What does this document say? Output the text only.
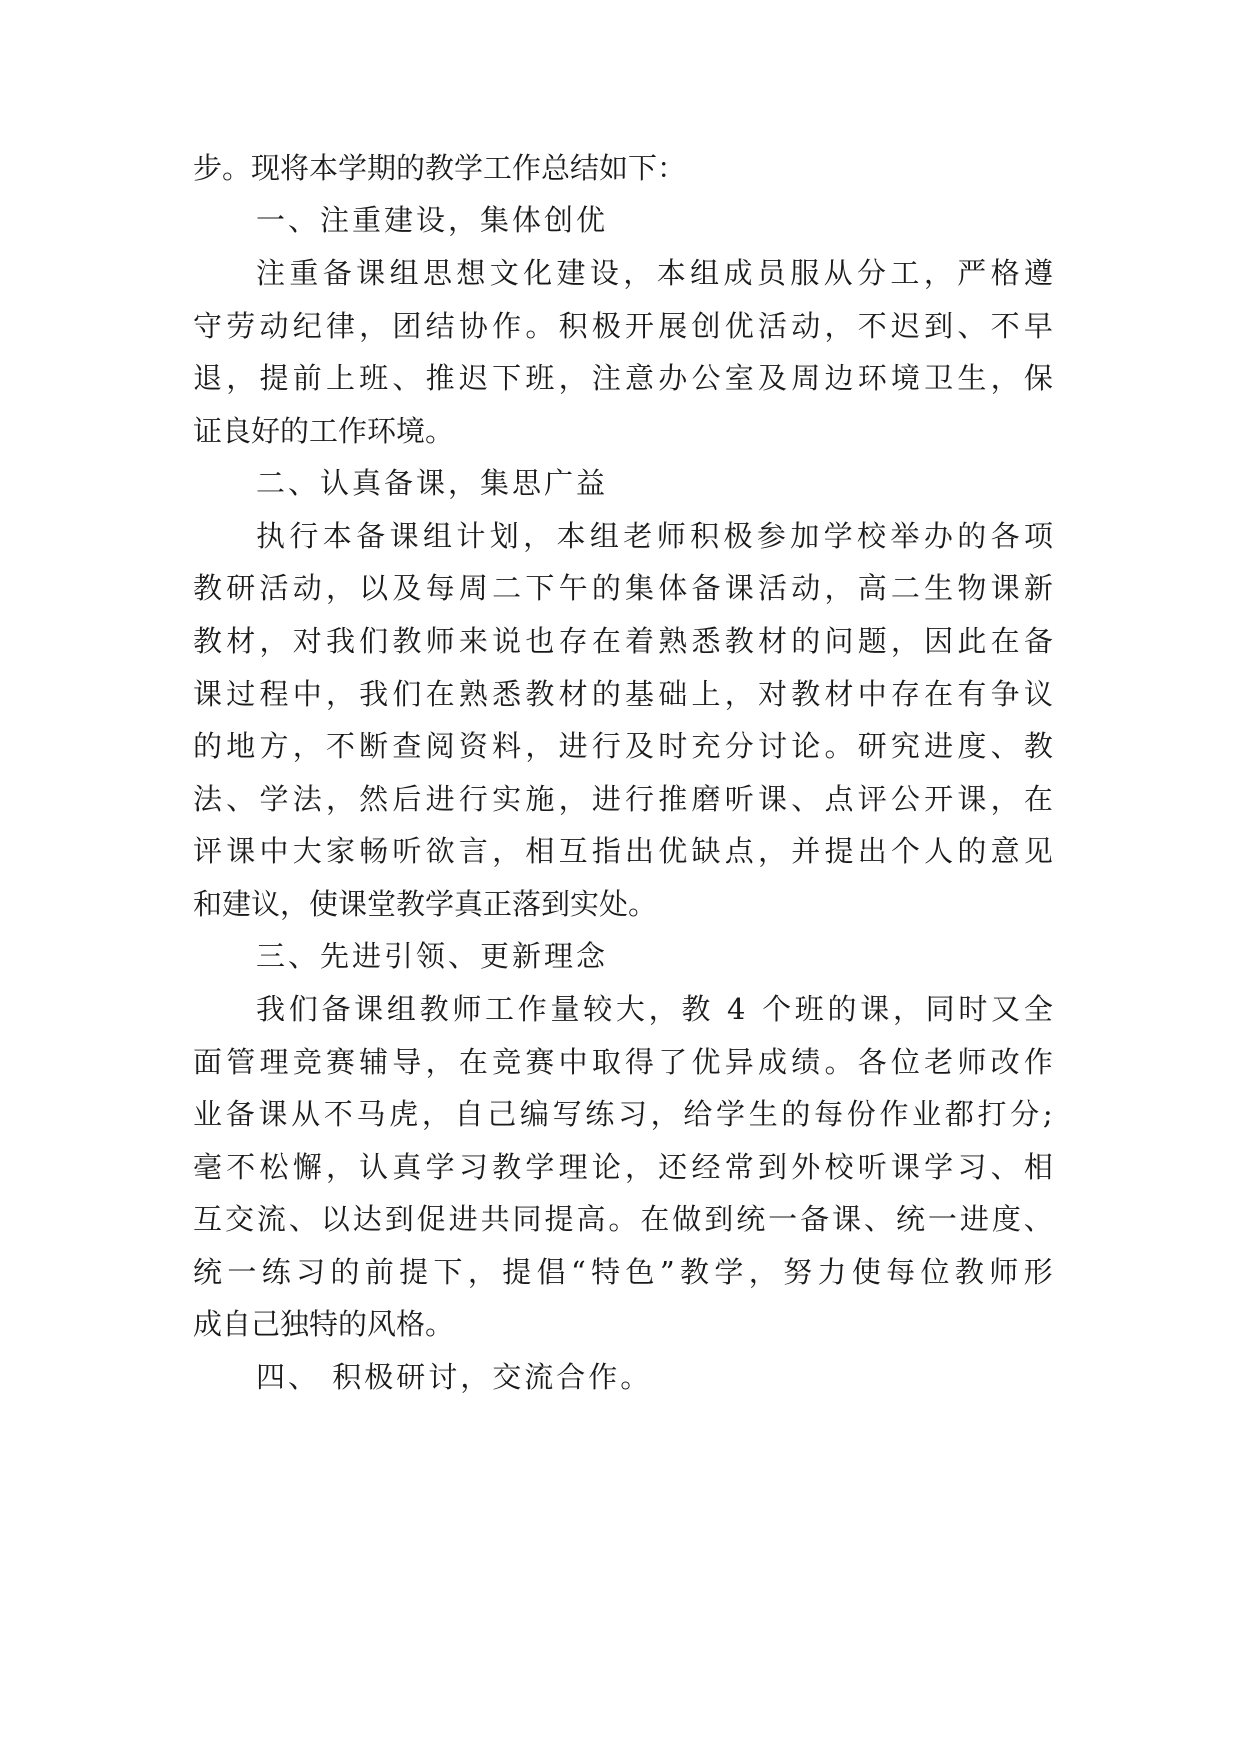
步。现将本学期的教学工作总结如下：
一、注重建设，集体创优
注 重 备 课 组 思 想 文 化 建 设 ， 本 组 成 员 服 从 分 工 ， 严 格 遵
守 劳 动 纪 律 ， 团 结 协 作 。 积 极 开 展 创 优 活 动 ， 不 迟 到 、 不 早
退 ， 提 前 上 班 、 推 迟 下 班 ， 注 意 办 公 室 及 周 边 环 境 卫 生 ， 保
证良好的工作环境。
二、认真备课，集思广益
执 行 本 备 课 组 计 划 ， 本 组 老 师 积 极 参 加 学 校 举 办 的 各 项
教 研 活 动 ， 以 及 每 周 二 下 午 的 集 体 备 课 活 动 ， 高 二 生 物 课 新
教 材 ， 对 我 们 教 师 来 说 也 存 在 着 熟 悉 教 材 的 问 题 ， 因 此 在 备
课 过 程 中 ， 我 们 在 熟 悉 教 材 的 基 础 上 ， 对 教 材 中 存 在 有 争 议
的 地 方 ， 不 断 查 阅 资 料 ， 进 行 及 时 充 分 讨 论 。 研 究 进 度 、 教
法 、 学 法 ， 然 后 进 行 实 施 ， 进 行 推 磨 听 课 、 点 评 公 开 课 ， 在
评 课 中 大 家 畅 听 欲 言 ， 相 互 指 出 优 缺 点 ， 并 提 出 个 人 的 意 见
和建议，使课堂教学真正落到实处。
三、先进引领、更新理念
我 们 备 课 组 教 师 工 作 量 较 大 ， 教
4
个 班 的 课 ， 同 时 又 全
面 管 理 竞 赛 辅 导 ， 在 竞 赛 中 取 得 了 优 异 成 绩 。 各 位 老 师 改 作
业 备 课 从 不 马 虎 ， 自 己 编 写 练 习 ， 给 学 生 的 每 份 作 业 都 打 分 ;
毫 不 松 懈 ， 认 真 学 习 教 学 理 论 ， 还 经 常 到 外 校 听 课 学 习 、 相
互 交 流 、 以 达 到 促 进 共 同 提 高 。 在 做 到 统 一 备 课 、 统 一 进 度 、
统 一 练 习 的 前 提 下 ， 提 倡 “ 特 色 ” 教 学 ， 努 力 使 每 位 教 师 形
成自己独特的风格。
四、 积极研讨，交流合作。
